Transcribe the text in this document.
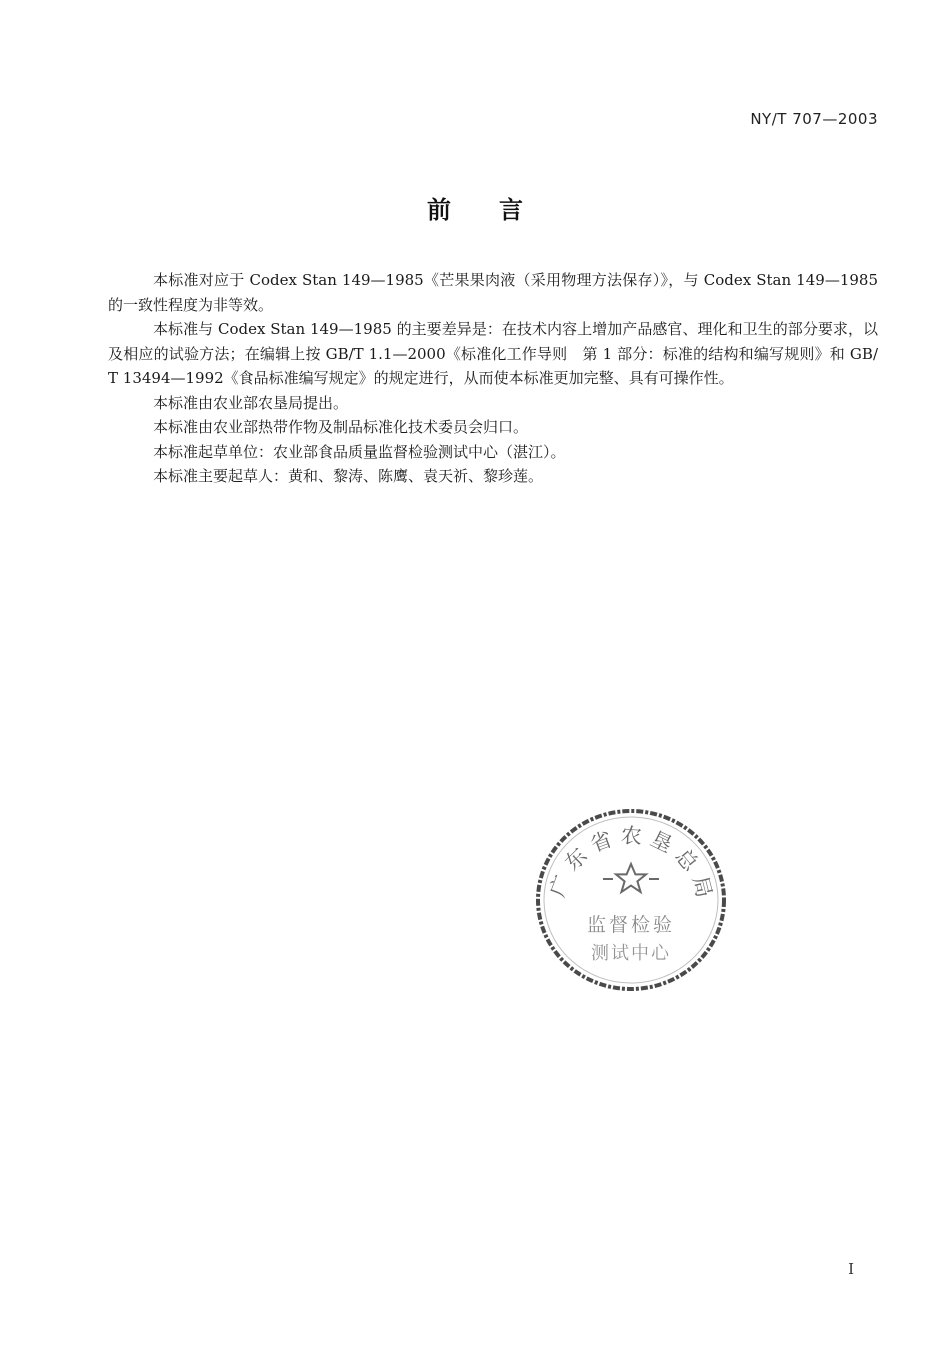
NY/T 707—2003
前言

本标准对应于 Codex Stan 149—1985《芒果果肉液（采用物理方法保存）》，与 Codex Stan 149—1985的一致性程度为非等效。

本标准与 Codex Stan 149—1985 的主要差异是：在技术内容上增加产品感官、理化和卫生的部分要求，以及相应的试验方法；在编辑上按 GB/T 1.1—2000《标准化工作导则　第 1 部分：标准的结构和编写规则》和 GB/T 13494—1992《食品标准编写规定》的规定进行，从而使本标准更加完整、具有可操作性。

本标准由农业部农垦局提出。

本标准由农业部热带作物及制品标准化技术委员会归口。

本标准起草单位：农业部食品质量监督检验测试中心（湛江）。

本标准主要起草人：黄和、黎涛、陈鹰、袁天祈、黎珍莲。

广东省农垦总局
监督检验
测试中心
I
